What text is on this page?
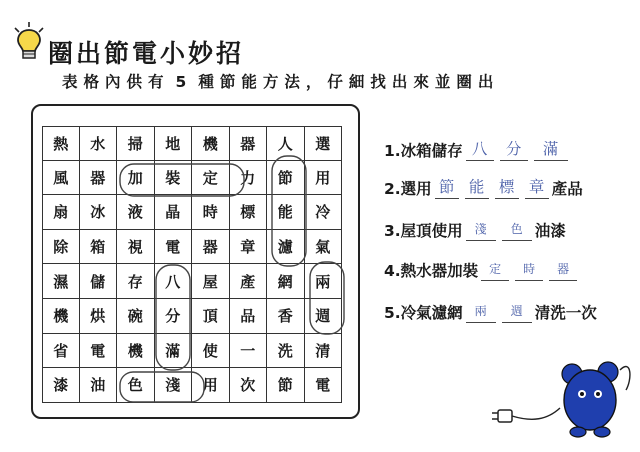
圈出節電小妙招
表格內供有 5 種節能方法，仔細找出來並圈出
熱	水	掃	地	機	器	人	選
風	器	加	裝	定	力	節	用
扇	冰	液	晶	時	標	能	冷
除	箱	視	電	器	章	濾	氣
濕	儲	存	八	屋	產	網	兩
機	烘	碗	分	頂	品	香	週
省	電	機	滿	使	一	洗	清
漆	油	色	淺	用	次	節	電
1.冰箱儲存 八	分	滿
2.選用 節 能 標 章 產品
3.屋頂使用 淺	色 油漆
4.熱水器加裝 定	時	器
5.冷氣濾網 兩	週 清洗一次
